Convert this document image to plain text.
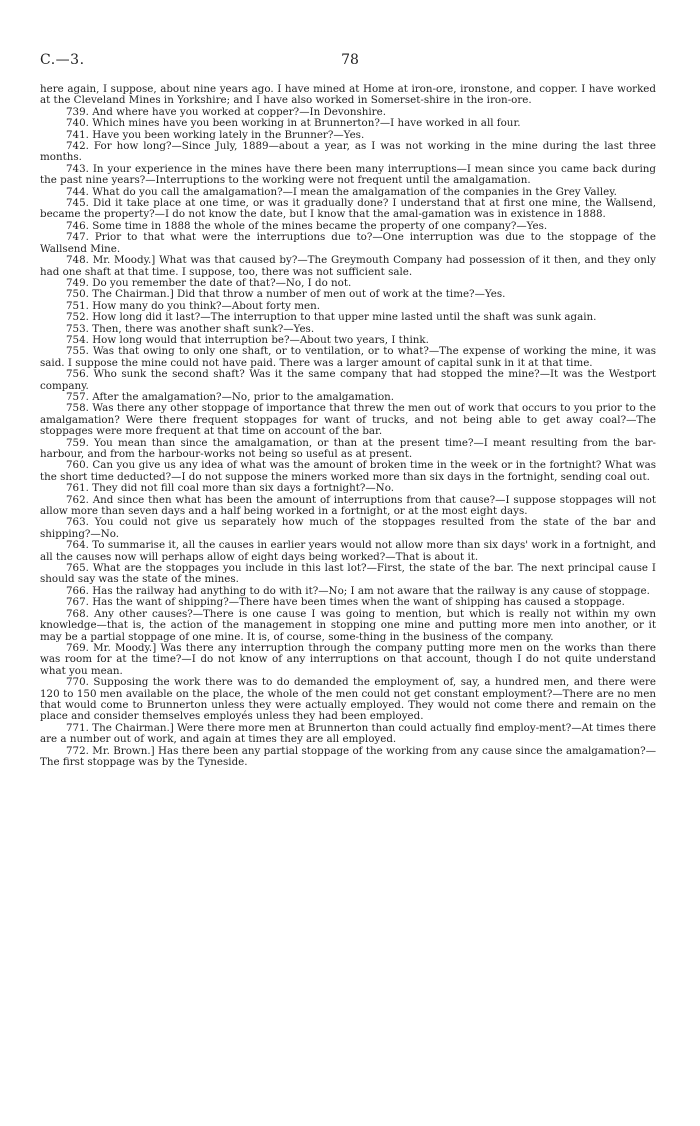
C.—3.	78

here again, I suppose, about nine years ago. I have mined at Home at iron-ore, ironstone, and copper. I have worked at the Cleveland Mines in Yorkshire; and I have also worked in Somerset-shire in the iron-ore.

739. And where have you worked at copper?—In Devonshire.

740. Which mines have you been working in at Brunnerton?—I have worked in all four.

741. Have you been working lately in the Brunner?—Yes.

742. For how long?—Since July, 1889—about a year, as I was not working in the mine during the last three months.

743. In your experience in the mines have there been many interruptions—I mean since you came back during the past nine years?—Interruptions to the working were not frequent until the amalgamation.

744. What do you call the amalgamation?—I mean the amalgamation of the companies in the Grey Valley.

745. Did it take place at one time, or was it gradually done? I understand that at first one mine, the Wallsend, became the property?—I do not know the date, but I know that the amal-gamation was in existence in 1888.

746. Some time in 1888 the whole of the mines became the property of one company?—Yes.

747. Prior to that what were the interruptions due to?—One interruption was due to the stoppage of the Wallsend Mine.

748. Mr. Moody.] What was that caused by?—The Greymouth Company had possession of it then, and they only had one shaft at that time. I suppose, too, there was not sufficient sale.

749. Do you remember the date of that?—No, I do not.

750. The Chairman.] Did that throw a number of men out of work at the time?—Yes.

751. How many do you think?—About forty men.

752. How long did it last?—The interruption to that upper mine lasted until the shaft was sunk again.

753. Then, there was another shaft sunk?—Yes.

754. How long would that interruption be?—About two years, I think.

755. Was that owing to only one shaft, or to ventilation, or to what?—The expense of working the mine, it was said. I suppose the mine could not have paid. There was a larger amount of capital sunk in it at that time.

756. Who sunk the second shaft? Was it the same company that had stopped the mine?—It was the Westport company.

757. After the amalgamation?—No, prior to the amalgamation.

758. Was there any other stoppage of importance that threw the men out of work that occurs to you prior to the amalgamation? Were there frequent stoppages for want of trucks, and not being able to get away coal?—The stoppages were more frequent at that time on account of the bar.

759. You mean than since the amalgamation, or than at the present time?—I meant resulting from the bar-harbour, and from the harbour-works not being so useful as at present.

760. Can you give us any idea of what was the amount of broken time in the week or in the fortnight? What was the short time deducted?—I do not suppose the miners worked more than six days in the fortnight, sending coal out.

761. They did not fill coal more than six days a fortnight?—No.

762. And since then what has been the amount of interruptions from that cause?—I suppose stoppages will not allow more than seven days and a half being worked in a fortnight, or at the most eight days.

763. You could not give us separately how much of the stoppages resulted from the state of the bar and shipping?—No.

764. To summarise it, all the causes in earlier years would not allow more than six days' work in a fortnight, and all the causes now will perhaps allow of eight days being worked?—That is about it.

765. What are the stoppages you include in this last lot?—First, the state of the bar. The next principal cause I should say was the state of the mines.

766. Has the railway had anything to do with it?—No; I am not aware that the railway is any cause of stoppage.

767. Has the want of shipping?—There have been times when the want of shipping has caused a stoppage.

768. Any other causes?—There is one cause I was going to mention, but which is really not within my own knowledge—that is, the action of the management in stopping one mine and putting more men into another, or it may be a partial stoppage of one mine. It is, of course, some-thing in the business of the company.

769. Mr. Moody.] Was there any interruption through the company putting more men on the works than there was room for at the time?—I do not know of any interruptions on that account, though I do not quite understand what you mean.

770. Supposing the work there was to do demanded the employment of, say, a hundred men, and there were 120 to 150 men available on the place, the whole of the men could not get constant employment?—There are no men that would come to Brunnerton unless they were actually employed. They would not come there and remain on the place and consider themselves employés unless they had been employed.

771. The Chairman.] Were there more men at Brunnerton than could actually find employ-ment?—At times there are a number out of work, and again at times they are all employed.

772. Mr. Brown.] Has there been any partial stoppage of the working from any cause since the amalgamation?—The first stoppage was by the Tyneside.
